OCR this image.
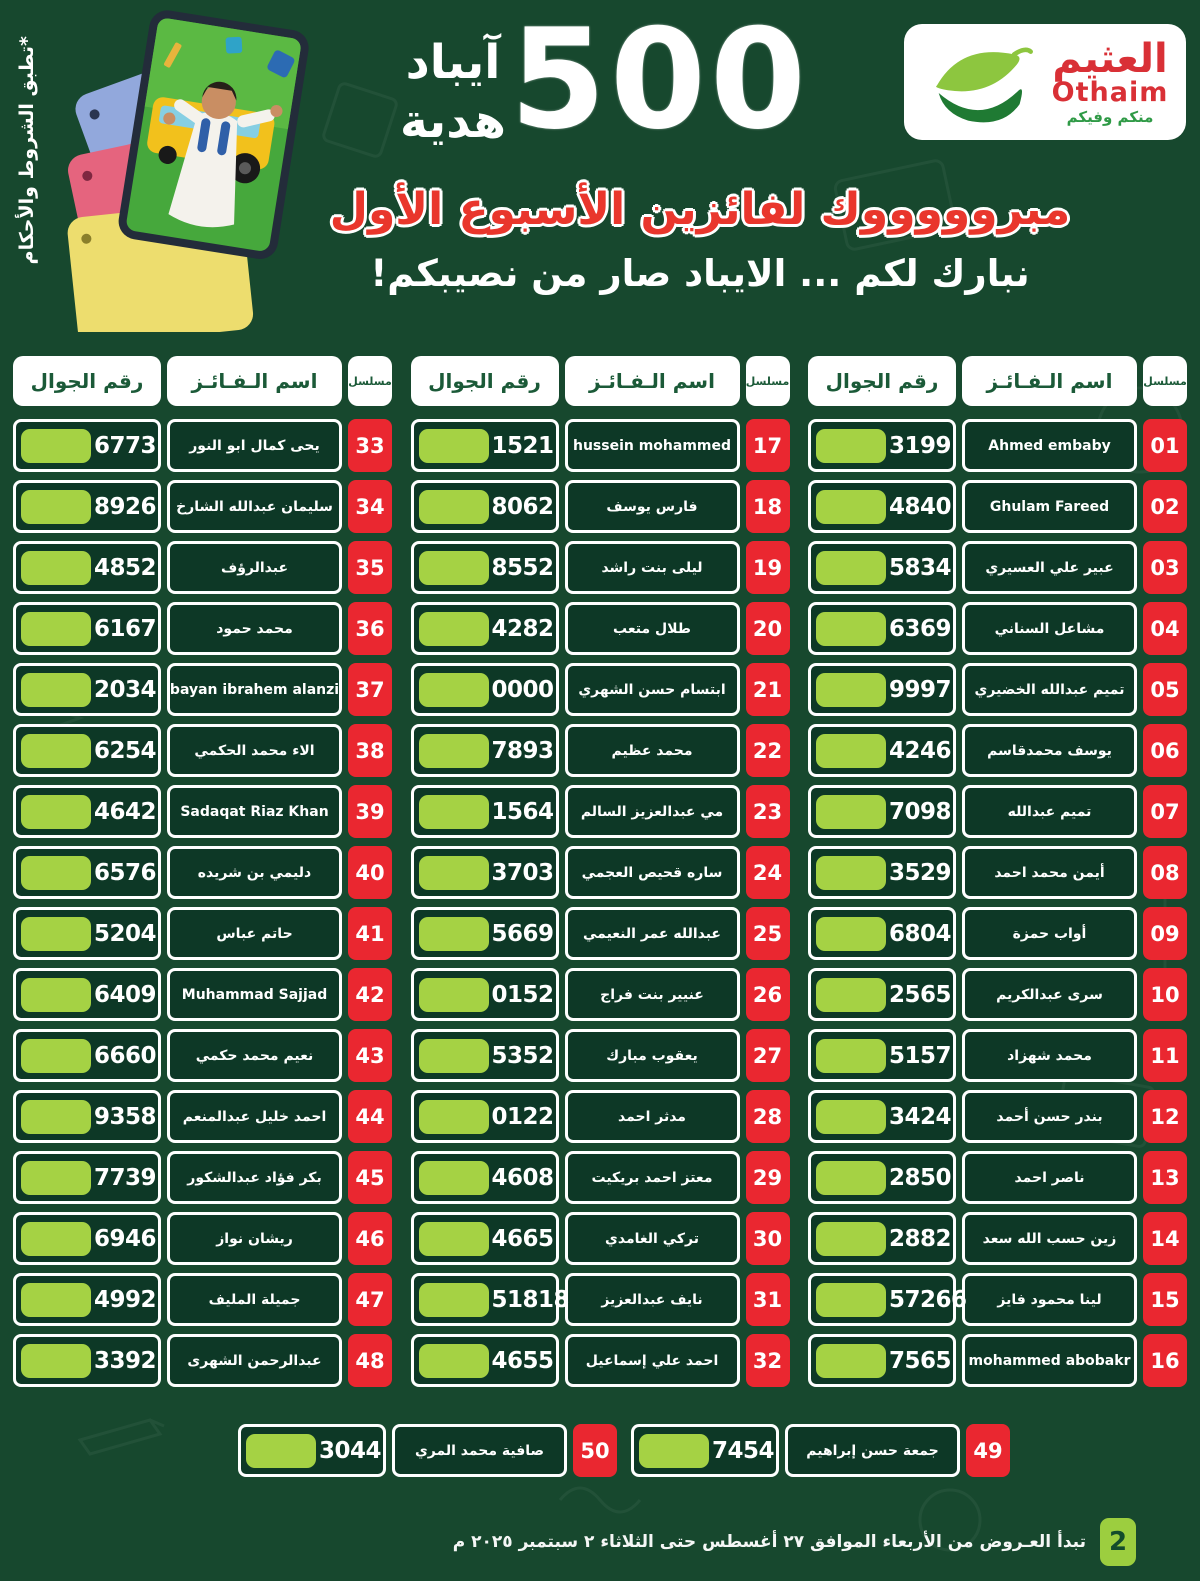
العثيم
Othaim
منكم وفيكم
آيباد
هدية 500
مبروووووك لفائزين الأسبوع الأول
نبارك لكم ... الايباد صار من نصيبكم!
*تطبق الشروط والأحكام
مسلسل
اسم الـفـائـز
رقم الجوال
01
Ahmed embaby
3199
02
Ghulam Fareed
4840
03
عبير علي العسيري
5834
04
مشاعل السناني
6369
05
تميم عبدالله الخضيري
9997
06
يوسف محمدقاسم
4246
07
تميم عبدالله
7098
08
أيمن محمد احمد
3529
09
أواب حمزة
6804
10
سرى عبدالكريم
2565
11
محمد شهزاد
5157
12
بندر حسن أحمد
3424
13
ناصر احمد
2850
14
زين حسب الله سعد
2882
15
لينا محمود فايز
57266
16
mohammed abobakr
7565
مسلسل
اسم الـفـائـز
رقم الجوال
17
hussein mohammed
1521
18
فارس يوسف
8062
19
ليلى بنت راشد
8552
20
طلال متعب
4282
21
ابتسام حسن الشهري
0000
22
محمد عظيم
7893
23
مي عبدالعزيز السالم
1564
24
ساره قحيص العجمي
3703
25
عبدالله عمر النعيمي
5669
26
عنيير بنت فراج
0152
27
يعقوب مبارك
5352
28
مدثر احمد
0122
29
معتز احمد بريكيت
4608
30
تركي الغامدي
4665
31
نايف عبدالعزيز
51818
32
احمد علي إسماعيل
4655
مسلسل
اسم الـفـائـز
رقم الجوال
33
يحى كمال ابو النور
6773
34
سليمان عبدالله الشارخ
8926
35
عبدالرؤف
4852
36
محمد حمود
6167
37
bayan ibrahem alanzi
2034
38
الاء محمد الحكمي
6254
39
Sadaqat Riaz Khan
4642
40
دليمي بن شريده
6576
41
حاتم عباس
5204
42
Muhammad Sajjad
6409
43
نعيم محمد حكمي
6660
44
احمد خليل عبدالمنعم
9358
45
بكر فؤاد عبدالشكور
7739
46
ريشان نواز
6946
47
جميلة المليف
4992
48
عبدالرحمن الشهرى
3392
49
جمعة حسن إبراهيم
7454
50
صافية محمد المري
3044
2
تبدأ العـروض من الأربعاء الموافق ٢٧ أغسطس حتى الثلاثاء ٢ سبتمبر ٢٠٢٥ م
